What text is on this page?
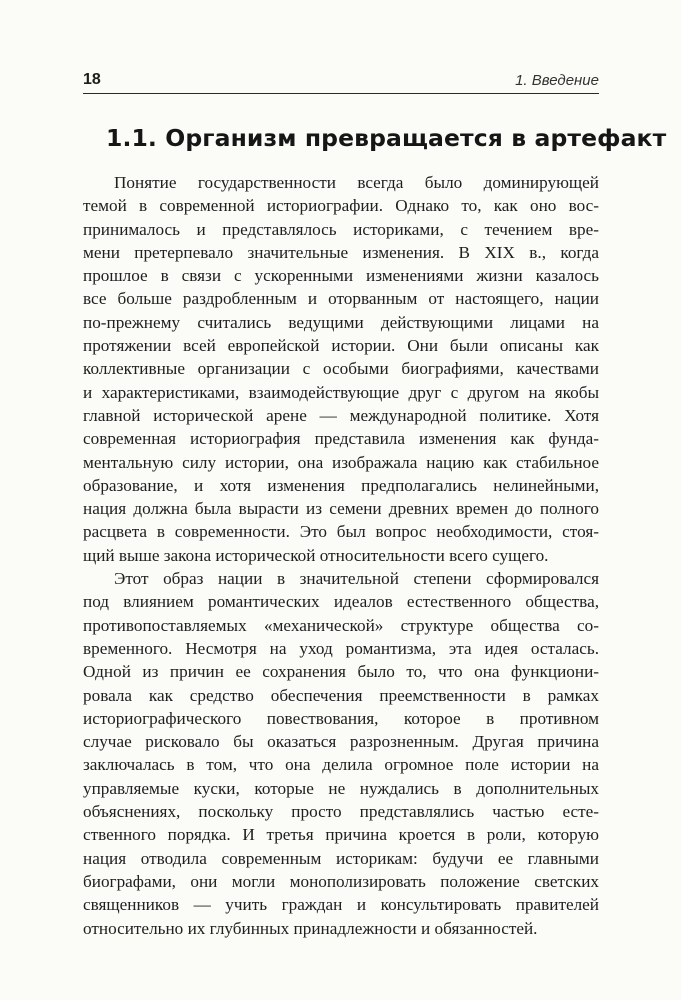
18	1. Введение
1.1. Организм превращается в артефакт
Понятие государственности всегда было доминирующей
темой в современной историографии. Однако то, как оно вос-
принималось и представлялось историками, с течением вре-
мени претерпевало значительные изменения. В XIX в., когда
прошлое в связи с ускоренными изменениями жизни казалось
все больше раздробленным и оторванным от настоящего, нации
по-прежнему считались ведущими действующими лицами на
протяжении всей европейской истории. Они были описаны как
коллективные организации с особыми биографиями, качествами
и характеристиками, взаимодействующие друг с другом на якобы
главной исторической арене — международной политике. Хотя
современная историография представила изменения как фунда-
ментальную силу истории, она изображала нацию как стабильное
образование, и хотя изменения предполагались нелинейными,
нация должна была вырасти из семени древних времен до полного
расцвета в современности. Это был вопрос необходимости, стоя-
щий выше закона исторической относительности всего сущего.
Этот образ нации в значительной степени сформировался
под влиянием романтических идеалов естественного общества,
противопоставляемых «механической» структуре общества со-
временного. Несмотря на уход романтизма, эта идея осталась.
Одной из причин ее сохранения было то, что она функциони-
ровала как средство обеспечения преемственности в рамках
историографического повествования, которое в противном
случае рисковало бы оказаться разрозненным. Другая причина
заключалась в том, что она делила огромное поле истории на
управляемые куски, которые не нуждались в дополнительных
объяснениях, поскольку просто представлялись частью есте-
ственного порядка. И третья причина кроется в роли, которую
нация отводила современным историкам: будучи ее главными
биографами, они могли монополизировать положение светских
священников — учить граждан и консультировать правителей
относительно их глубинных принадлежности и обязанностей.
